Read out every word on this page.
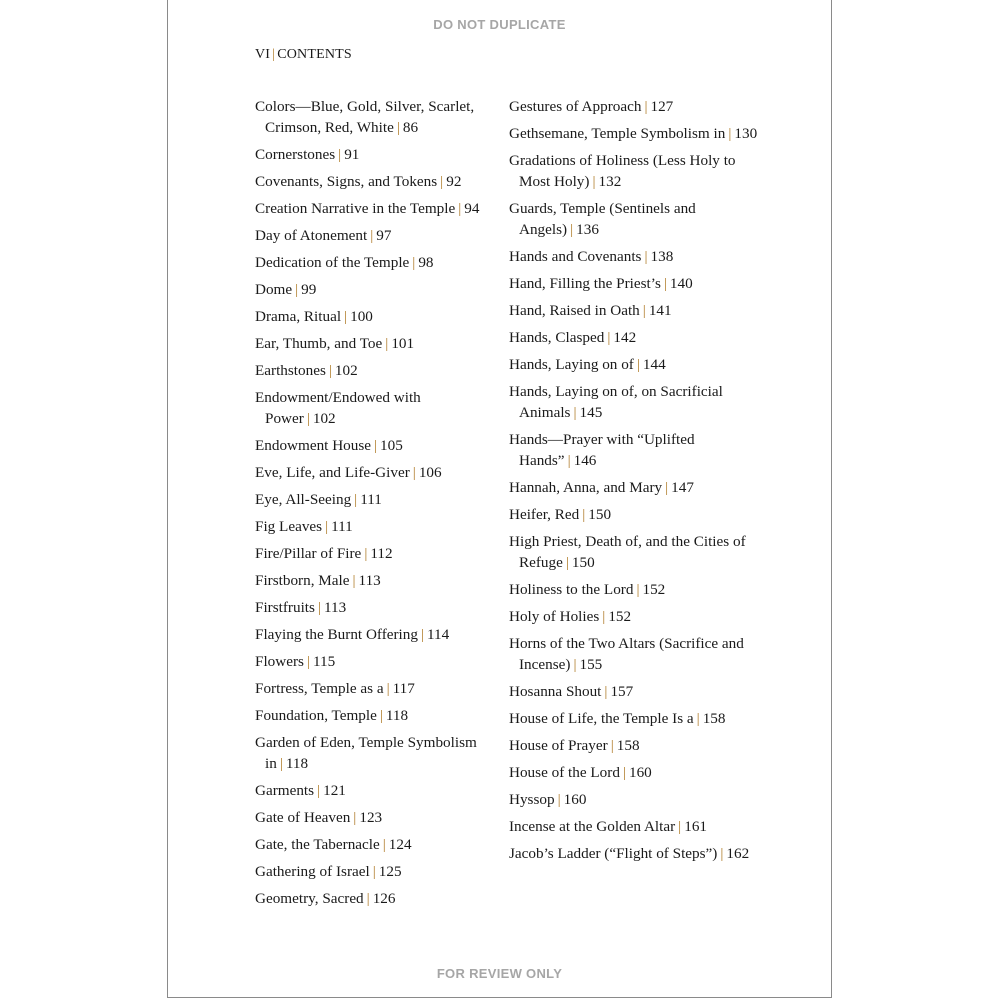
DO NOT DUPLICATE
VI | CONTENTS
Colors—Blue, Gold, Silver, Scarlet, Crimson, Red, White | 86
Cornerstones | 91
Covenants, Signs, and Tokens | 92
Creation Narrative in the Temple | 94
Day of Atonement | 97
Dedication of the Temple | 98
Dome | 99
Drama, Ritual | 100
Ear, Thumb, and Toe | 101
Earthstones | 102
Endowment/Endowed with Power | 102
Endowment House | 105
Eve, Life, and Life-Giver | 106
Eye, All-Seeing | 111
Fig Leaves | 111
Fire/Pillar of Fire | 112
Firstborn, Male | 113
Firstfruits | 113
Flaying the Burnt Offering | 114
Flowers | 115
Fortress, Temple as a | 117
Foundation, Temple | 118
Garden of Eden, Temple Symbolism in | 118
Garments | 121
Gate of Heaven | 123
Gate, the Tabernacle | 124
Gathering of Israel | 125
Geometry, Sacred | 126
Gestures of Approach | 127
Gethsemane, Temple Symbolism in | 130
Gradations of Holiness (Less Holy to Most Holy) | 132
Guards, Temple (Sentinels and Angels) | 136
Hands and Covenants | 138
Hand, Filling the Priest’s | 140
Hand, Raised in Oath | 141
Hands, Clasped | 142
Hands, Laying on of | 144
Hands, Laying on of, on Sacrificial Animals | 145
Hands—Prayer with “Uplifted Hands” | 146
Hannah, Anna, and Mary | 147
Heifer, Red | 150
High Priest, Death of, and the Cities of Refuge | 150
Holiness to the Lord | 152
Holy of Holies | 152
Horns of the Two Altars (Sacrifice and Incense) | 155
Hosanna Shout | 157
House of Life, the Temple Is a | 158
House of Prayer | 158
House of the Lord | 160
Hyssop | 160
Incense at the Golden Altar | 161
Jacob’s Ladder (“Flight of Steps”) | 162
FOR REVIEW ONLY
